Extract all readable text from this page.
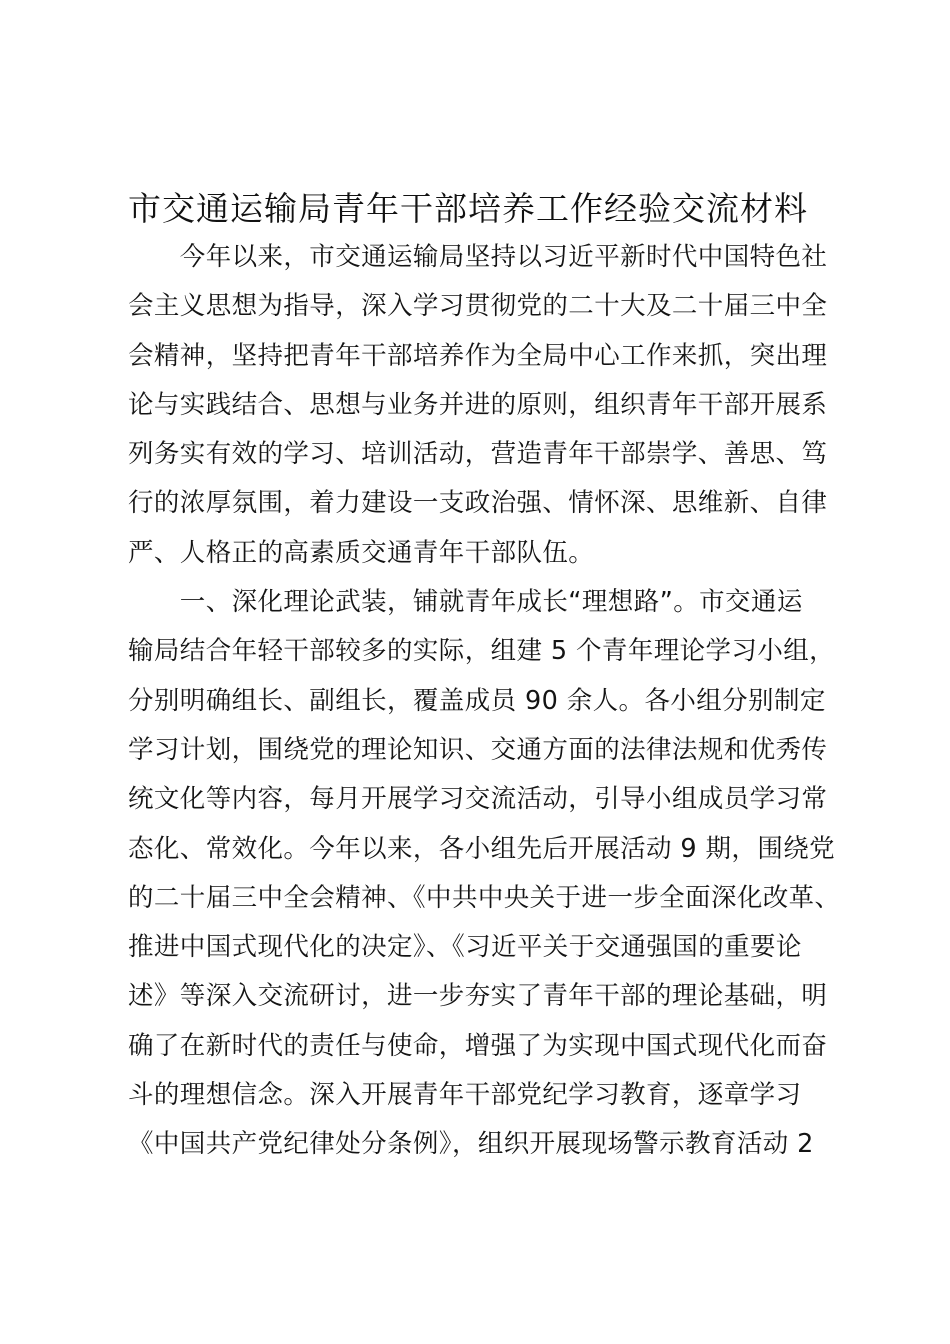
市交通运输局青年干部培养工作经验交流材料
　　今年以来，市交通运输局坚持以习近平新时代中国特色社
会主义思想为指导，深入学习贯彻党的二十大及二十届三中全
会精神，坚持把青年干部培养作为全局中心工作来抓，突出理
论与实践结合、思想与业务并进的原则，组织青年干部开展系
列务实有效的学习、培训活动，营造青年干部崇学、善思、笃
行的浓厚氛围，着力建设一支政治强、情怀深、思维新、自律
严、人格正的高素质交通青年干部队伍。
　　一、深化理论武装，铺就青年成长“理想路”。市交通运
输局结合年轻干部较多的实际，组建 5 个青年理论学习小组，
分别明确组长、副组长，覆盖成员 90 余人。各小组分别制定
学习计划，围绕党的理论知识、交通方面的法律法规和优秀传
统文化等内容，每月开展学习交流活动，引导小组成员学习常
态化、常效化。今年以来，各小组先后开展活动 9 期，围绕党
的二十届三中全会精神、《中共中央关于进一步全面深化改革、
推进中国式现代化的决定》、《习近平关于交通强国的重要论
述》等深入交流研讨，进一步夯实了青年干部的理论基础，明
确了在新时代的责任与使命，增强了为实现中国式现代化而奋
斗的理想信念。深入开展青年干部党纪学习教育，逐章学习
《中国共产党纪律处分条例》，组织开展现场警示教育活动 2
